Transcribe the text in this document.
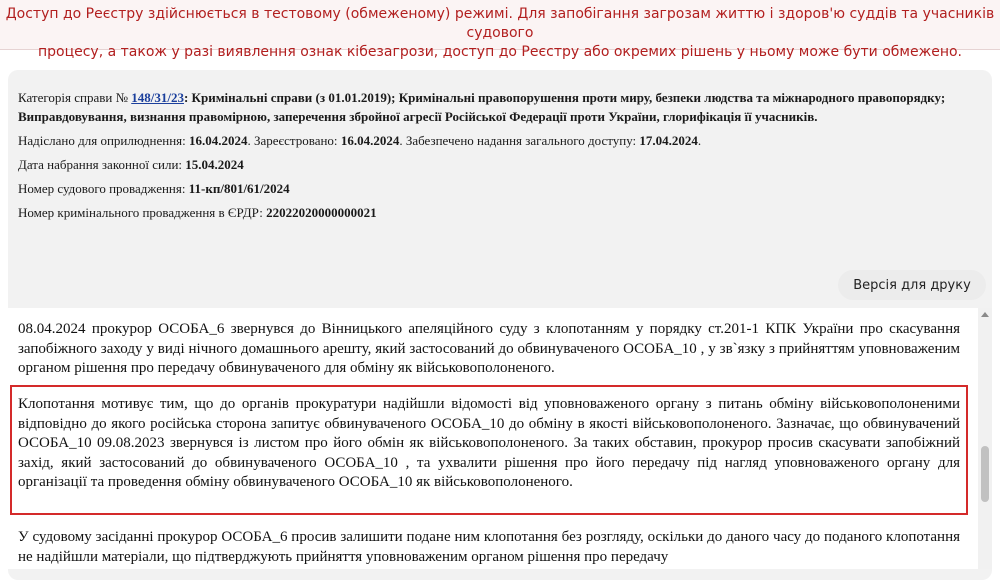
Доступ до Реєстру здійснюється в тестовому (обмеженому) режимі. Для запобігання загрозам життю і здоров'ю суддів та учасників судового
процесу, а також у разі виявлення ознак кібезагрози, доступ до Реєстру або окремих рішень у ньому може бути обмежено.
Категорія справи № 148/31/23: Кримінальні справи (з 01.01.2019); Кримінальні правопорушення проти миру, безпеки людства та міжнародного правопорядку; Виправдовування, визнання правомірною, заперечення збройної агресії Російської Федерації проти України, глорифікація її учасників.
Надіслано для оприлюднення: 16.04.2024. Зареєстровано: 16.04.2024. Забезпечено надання загального доступу: 17.04.2024.
Дата набрання законної сили: 15.04.2024
Номер судового провадження: 11-кп/801/61/2024
Номер кримінального провадження в ЄРДР: 22022020000000021
Версія для друку

08.04.2024 прокурор ОСОБА_6 звернувся до Вінницького апеляційного суду з клопотанням у порядку ст.201-1 КПК України про скасування запобіжного заходу у виді нічного домашнього арешту, який застосований до обвинуваченого ОСОБА_10 , у зв`язку з прийняттям уповноваженим органом рішення про передачу обвинуваченого для обміну як військовополоненого.

Клопотання мотивує тим, що до органів прокуратури надійшли відомості від уповноваженого органу з питань обміну військовополоненими відповідно до якого російська сторона запитує обвинуваченого ОСОБА_10 до обміну в якості військовополоненого. Зазначає, що обвинувачений ОСОБА_10 09.08.2023 звернувся із листом про його обмін як військовополоненого. За таких обставин, прокурор просив скасувати запобіжний захід, який застосований до обвинуваченого ОСОБА_10 , та ухвалити рішення про його передачу під нагляд уповноваженого органу для організації та проведення обміну обвинуваченого ОСОБА_10 як військовополоненого.

У судовому засіданні прокурор ОСОБА_6 просив залишити подане ним клопотання без розгляду, оскільки до даного часу до поданого клопотання не надійшли матеріали, що підтверджують прийняття уповноваженим органом рішення про передачу
